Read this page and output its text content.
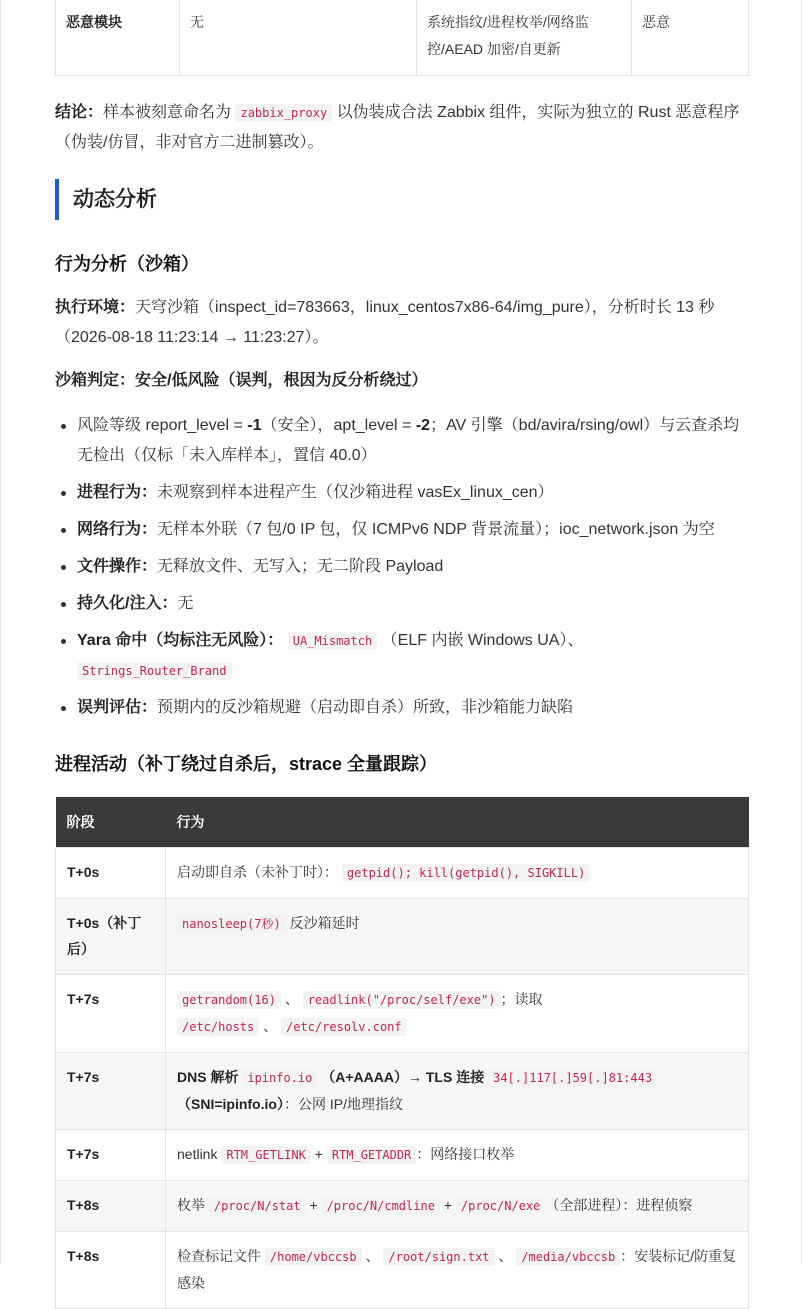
恶意模块	无	系统指纹/进程枚举/网络监控/AEAD 加密/自更新	恶意
结论：样本被刻意命名为 zabbix_proxy 以伪装成合法 Zabbix 组件，实际为独立的 Rust 恶意程序（伪装/仿冒，非对官方二进制篡改）。
动态分析
行为分析（沙箱）
执行环境：天穹沙箱（inspect_id=783663，linux_centos7x86-64/img_pure），分析时长 13 秒（2026-08-18 11:23:14 → 11:23:27）。
沙箱判定：安全/低风险（误判，根因为反分析绕过）
风险等级 report_level = -1（安全），apt_level = -2；AV 引擎（bd/avira/rsing/owl）与云查杀均无检出（仅标「未入库样本」，置信 40.0）
进程行为：未观察到样本进程产生（仅沙箱进程 vasEx_linux_cen）
网络行为：无样本外联（7 包/0 IP 包，仅 ICMPv6 NDP 背景流量）；ioc_network.json 为空
文件操作：无释放文件、无写入；无二阶段 Payload
持久化/注入：无
Yara 命中（均标注无风险）： UA_Mismatch （ELF 内嵌 Windows UA）、
Strings_Router_Brand
误判评估：预期内的反沙箱规避（启动即自杀）所致，非沙箱能力缺陷
进程活动（补丁绕过自杀后，strace 全量跟踪）
阶段	行为
T+0s	启动即自杀（未补丁时）： getpid(); kill(getpid(), SIGKILL)
T+0s（补丁后）	nanosleep(7秒) 反沙箱延时
T+7s	getrandom(16) 、 readlink("/proc/self/exe") ；读取
/etc/hosts 、 /etc/resolv.conf
T+7s	DNS 解析 ipinfo.io （A+AAAA）→ TLS 连接 34[.]117[.]59[.]81:443
（SNI=ipinfo.io）：公网 IP/地理指纹
T+7s	netlink RTM_GETLINK + RTM_GETADDR ：网络接口枚举
T+8s	枚举 /proc/N/stat + /proc/N/cmdline + /proc/N/exe （全部进程）：进程侦察
T+8s	检查标记文件 /home/vbccsb 、 /root/sign.txt 、 /media/vbccsb ：安装标记/防重复感染
